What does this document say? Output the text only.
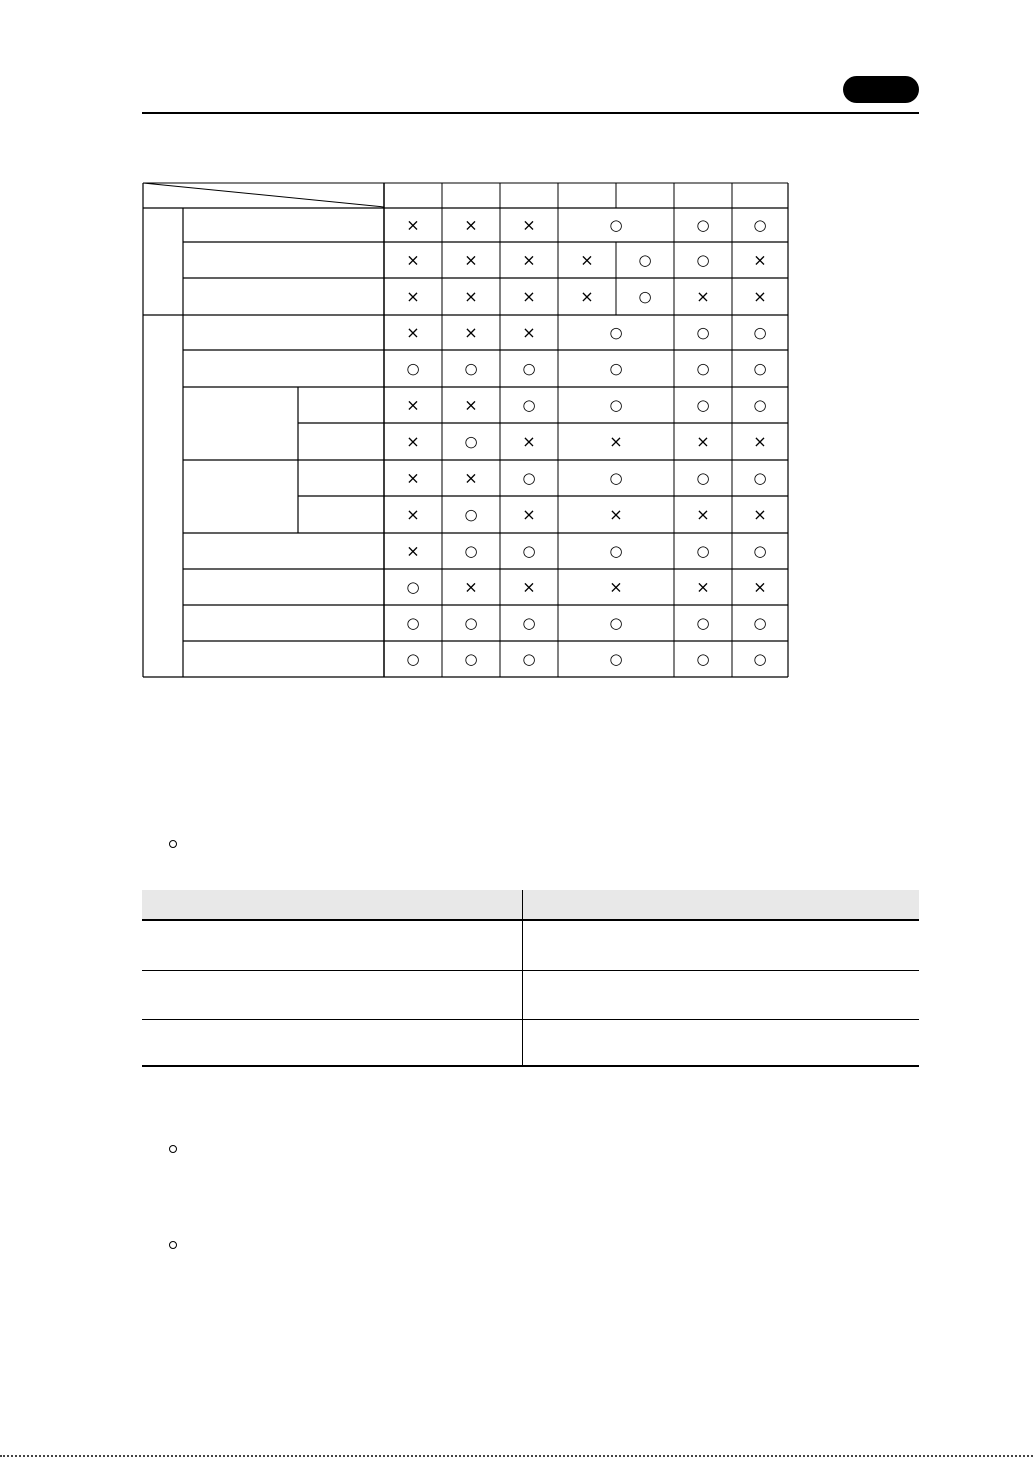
×	×	×	○	○	○
×	×	×	×	○	○	×
×	×	×	×	○	×	×
×	×	×	○	○	○
○	○	○	○	○	○
×	×	○	○	○	○
×	○	×	×	×	×
×	×	○	○	○	○
×	○	×	×	×	×
×	○	○	○	○	○
○	×	×	×	×	×
○	○	○	○	○	○
○	○	○	○	○	○
